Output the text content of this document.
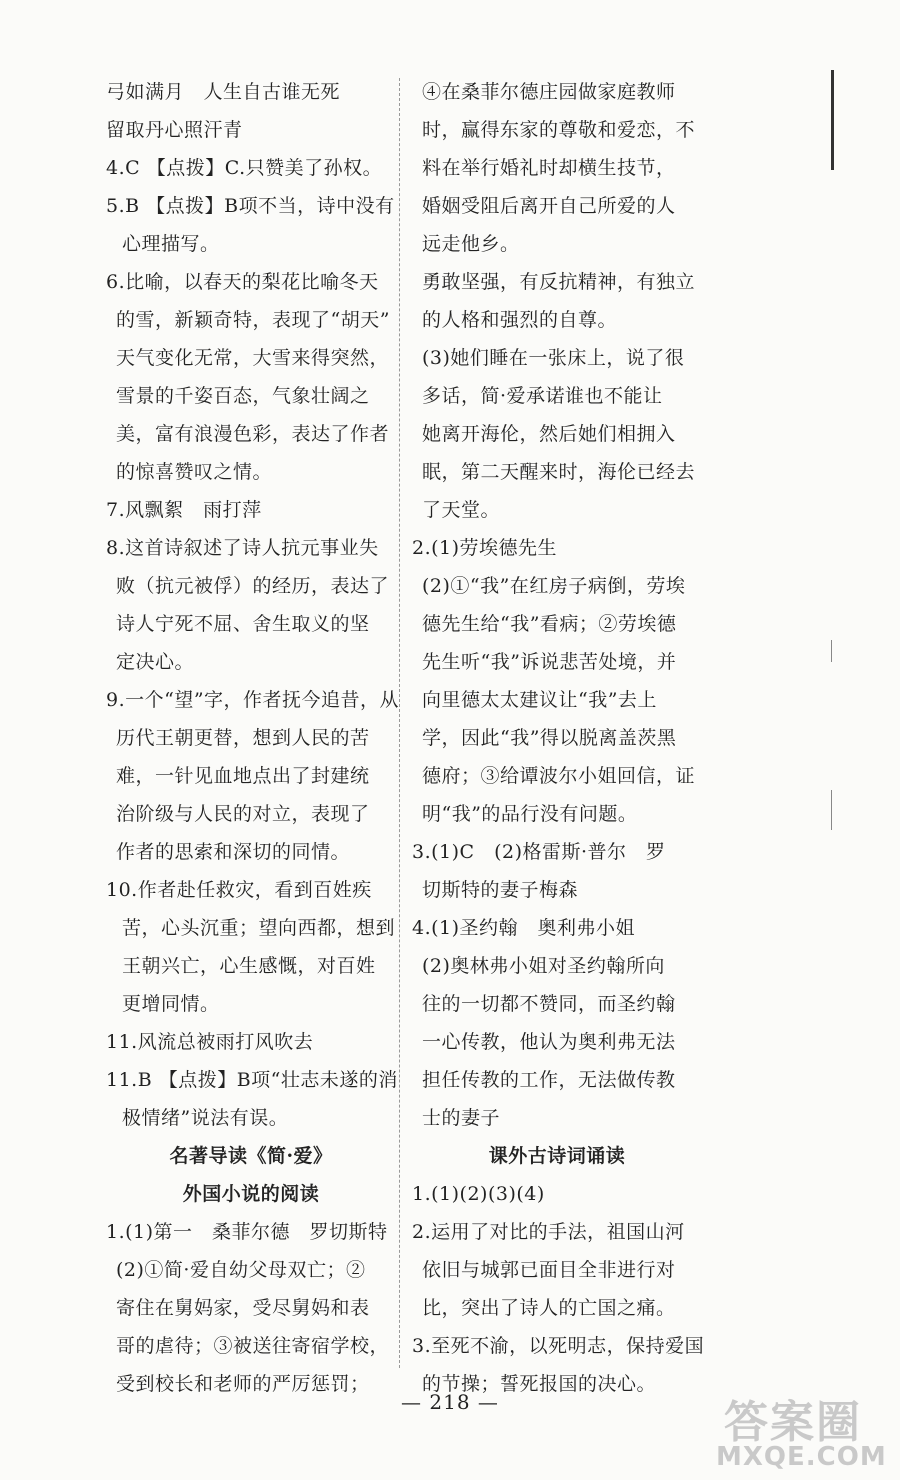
弓如满月　人生自古谁无死
留取丹心照汗青
4.C 【点拨】C.只赞美了孙权。
5.B 【点拨】B项不当，诗中没有
心理描写。
6.比喻，以春天的梨花比喻冬天
的雪，新颖奇特，表现了“胡天”
天气变化无常，大雪来得突然，
雪景的千姿百态，气象壮阔之
美，富有浪漫色彩，表达了作者
的惊喜赞叹之情。
7.风飘絮　雨打萍
8.这首诗叙述了诗人抗元事业失
败（抗元被俘）的经历，表达了
诗人宁死不屈、舍生取义的坚
定决心。
9.一个“望”字，作者抚今追昔，从
历代王朝更替，想到人民的苦
难，一针见血地点出了封建统
治阶级与人民的对立，表现了
作者的思索和深切的同情。
10.作者赴任救灾，看到百姓疾
苦，心头沉重；望向西都，想到
王朝兴亡，心生感慨，对百姓
更增同情。
11.风流总被雨打风吹去
11.B 【点拨】B项“壮志未遂的消
极情绪”说法有误。
名著导读《简·爱》
外国小说的阅读
1.(1)第一　桑菲尔德　罗切斯特
(2)①简·爱自幼父母双亡；②
寄住在舅妈家，受尽舅妈和表
哥的虐待；③被送往寄宿学校，
受到校长和老师的严厉惩罚；
④在桑菲尔德庄园做家庭教师
时，赢得东家的尊敬和爱恋，不
料在举行婚礼时却横生技节，
婚姻受阻后离开自己所爱的人
远走他乡。
勇敢坚强，有反抗精神，有独立
的人格和强烈的自尊。
(3)她们睡在一张床上，说了很
多话，简·爱承诺谁也不能让
她离开海伦，然后她们相拥入
眠，第二天醒来时，海伦已经去
了天堂。
2.(1)劳埃德先生
(2)①“我”在红房子病倒，劳埃
德先生给“我”看病；②劳埃德
先生听“我”诉说悲苦处境，并
向里德太太建议让“我”去上
学，因此“我”得以脱离盖茨黑
德府；③给谭波尔小姐回信，证
明“我”的品行没有问题。
3.(1)C　(2)格雷斯·普尔　罗
切斯特的妻子梅森
4.(1)圣约翰　奥利弗小姐
(2)奥林弗小姐对圣约翰所向
往的一切都不赞同，而圣约翰
一心传教，他认为奥利弗无法
担任传教的工作，无法做传教
士的妻子
课外古诗词诵读
1.(1)(2)(3)(4)
2.运用了对比的手法，祖国山河
依旧与城郭已面目全非进行对
比，突出了诗人的亡国之痛。
3.至死不渝，以死明志，保持爱国
的节操；誓死报国的决心。
— 218 —	答案圈
MXQE.COM
